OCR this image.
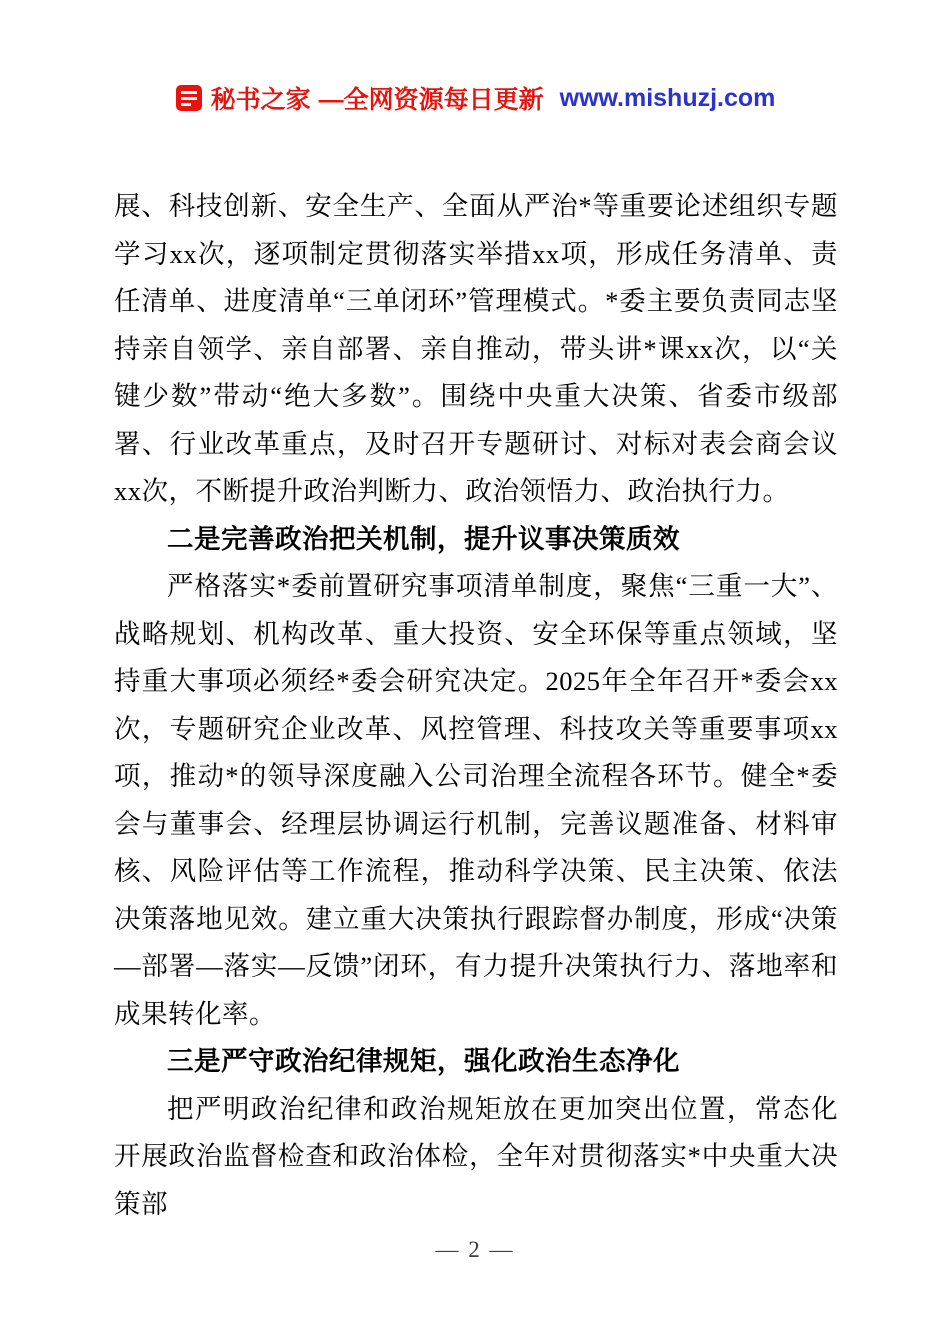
秘书之家 —全网资源每日更新 www.mishuzj.com

展、科技创新、安全生产、全面从严治*等重要论述组织专题学习xx次，逐项制定贯彻落实举措xx项，形成任务清单、责任清单、进度清单“三单闭环”管理模式。*委主要负责同志坚持亲自领学、亲自部署、亲自推动，带头讲*课xx次，以“关键少数”带动“绝大多数”。围绕中央重大决策、省委市级部署、行业改革重点，及时召开专题研讨、对标对表会商会议xx次，不断提升政治判断力、政治领悟力、政治执行力。

二是完善政治把关机制，提升议事决策质效

严格落实*委前置研究事项清单制度，聚焦“三重一大”、战略规划、机构改革、重大投资、安全环保等重点领域，坚持重大事项必须经*委会研究决定。2025年全年召开*委会xx次，专题研究企业改革、风控管理、科技攻关等重要事项xx项，推动*的领导深度融入公司治理全流程各环节。健全*委会与董事会、经理层协调运行机制，完善议题准备、材料审核、风险评估等工作流程，推动科学决策、民主决策、依法决策落地见效。建立重大决策执行跟踪督办制度，形成“决策—部署—落实—反馈”闭环，有力提升决策执行力、落地率和成果转化率。

三是严守政治纪律规矩，强化政治生态净化

把严明政治纪律和政治规矩放在更加突出位置，常态化开展政治监督检查和政治体检，全年对贯彻落实*中央重大决策部

— 2 —
